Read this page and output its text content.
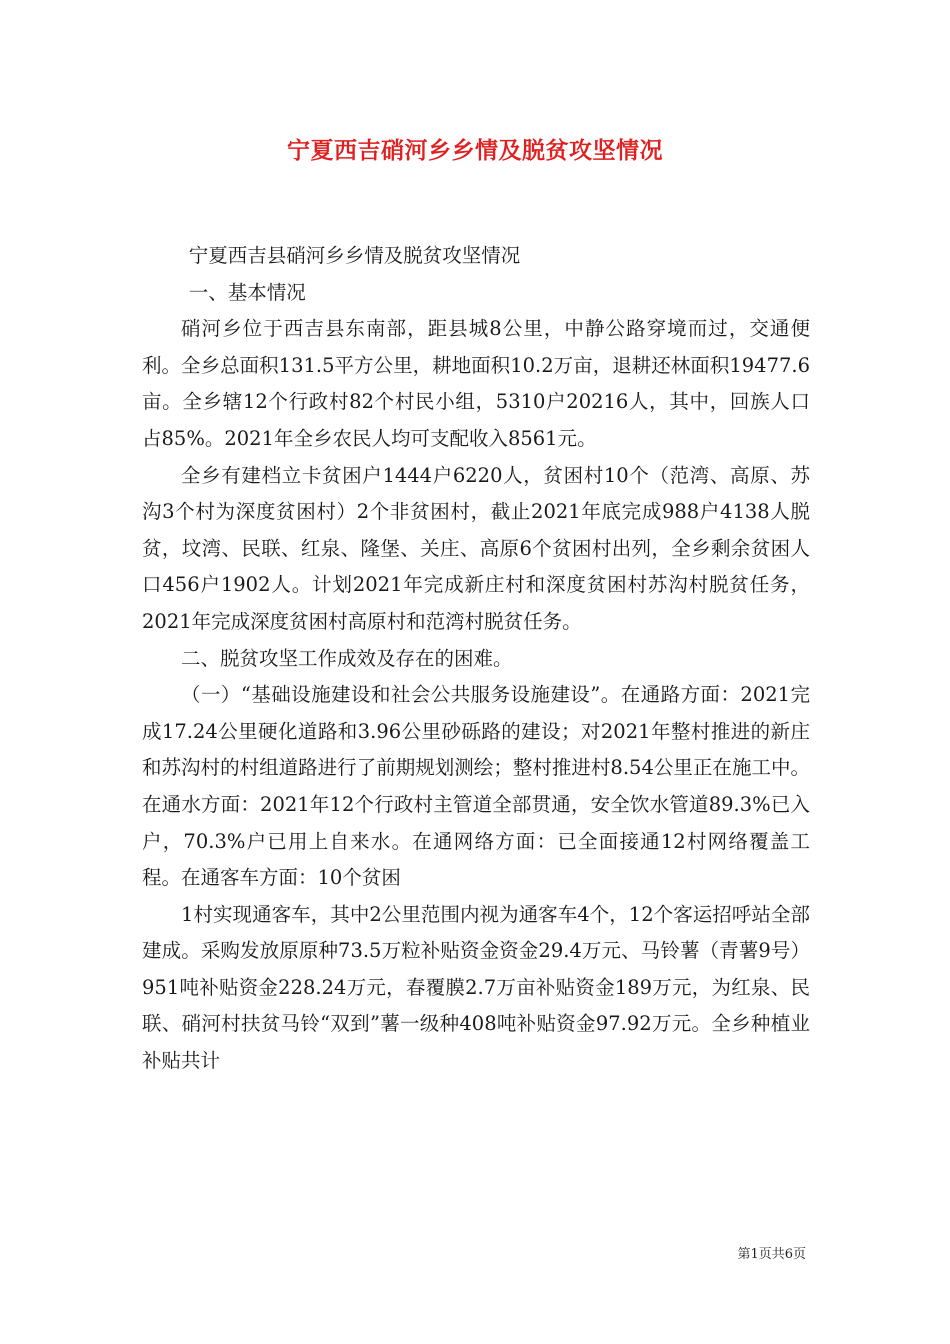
宁夏西吉硝河乡乡情及脱贫攻坚情况

宁夏西吉县硝河乡乡情及脱贫攻坚情况

一、基本情况

硝河乡位于西吉县东南部，距县城8公里，中静公路穿境而过，交通便利。全乡总面积131.5平方公里，耕地面积10.2万亩，退耕还林面积19477.6亩。全乡辖12个行政村82个村民小组，5310户20216人，其中，回族人口占85%。2021年全乡农民人均可支配收入8561元。

全乡有建档立卡贫困户1444户6220人，贫困村10个（范湾、高原、苏沟3个村为深度贫困村）2个非贫困村，截止2021年底完成988户4138人脱贫，坟湾、民联、红泉、隆堡、关庄、高原6个贫困村出列，全乡剩余贫困人口456户1902人。计划2021年完成新庄村和深度贫困村苏沟村脱贫任务，2021年完成深度贫困村高原村和范湾村脱贫任务。

二、脱贫攻坚工作成效及存在的困难。

（一）“基础设施建设和社会公共服务设施建设”。在通路方面：2021完成17.24公里硬化道路和3.96公里砂砾路的建设；对2021年整村推进的新庄和苏沟村的村组道路进行了前期规划测绘；整村推进村8.54公里正在施工中。在通水方面：2021年12个行政村主管道全部贯通，安全饮水管道89.3%已入户，70.3%户已用上自来水。在通网络方面：已全面接通12村网络覆盖工程。在通客车方面：10个贫困

1村实现通客车，其中2公里范围内视为通客车4个，12个客运招呼站全部建成。采购发放原原种73.5万粒补贴资金资金29.4万元、马铃薯（青薯9号）951吨补贴资金228.24万元，春覆膜2.7万亩补贴资金189万元，为红泉、民联、硝河村扶贫马铃“双到”薯一级种408吨补贴资金97.92万元。全乡种植业补贴共计

第1页共6页
